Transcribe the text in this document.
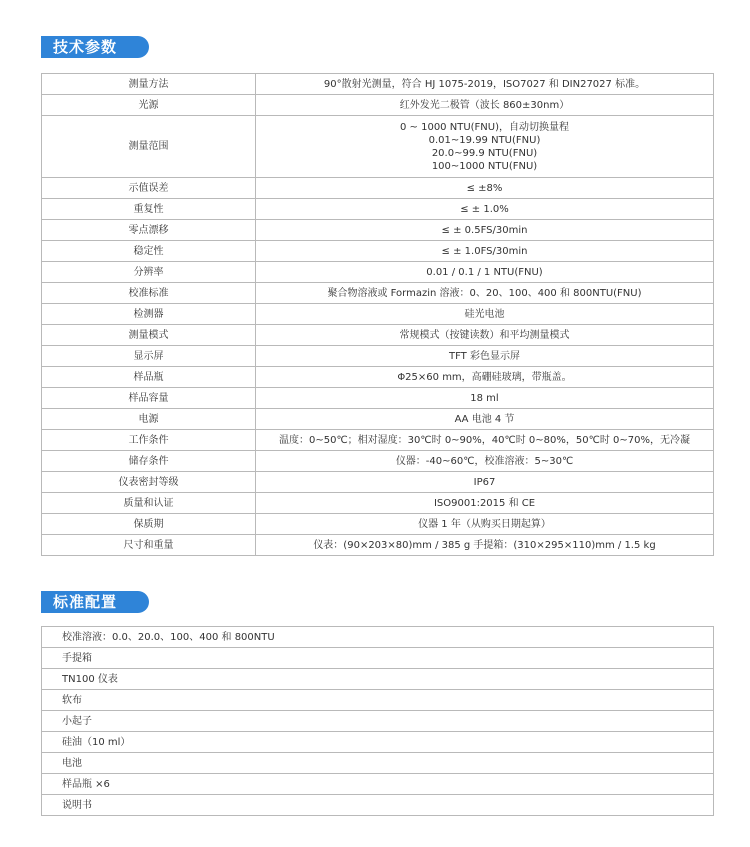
技术参数
测量方法	90°散射光测量，符合 HJ 1075-2019，ISO7027 和 DIN27027 标准。

光源	红外发光二极管（波长 860±30nm）

测量范围	0 ~ 1000 NTU(FNU)，自动切换量程
0.01~19.99 NTU(FNU)
20.0~99.9 NTU(FNU)
100~1000 NTU(FNU)

示值误差	≤ ±8%

重复性	≤ ± 1.0%

零点漂移	≤ ± 0.5FS/30min

稳定性	≤ ± 1.0FS/30min

分辨率	0.01 / 0.1 / 1 NTU(FNU)

校准标准	聚合物溶液或 Formazin 溶液：0、20、100、400 和 800NTU(FNU)

检测器	硅光电池

测量模式	常规模式（按键读数）和平均测量模式

显示屏	TFT 彩色显示屏

样品瓶	Φ25×60 mm，高硼硅玻璃，带瓶盖。

样品容量	18 ml

电源	AA 电池 4 节

工作条件	温度：0~50℃；相对湿度：30℃时 0~90%，40℃时 0~80%，50℃时 0~70%，无冷凝

储存条件	仪器：-40~60℃，校准溶液：5~30℃

仪表密封等级	IP67

质量和认证	ISO9001:2015 和 CE

保质期	仪器 1 年（从购买日期起算）

尺寸和重量	仪表：(90×203×80)mm / 385 g 手提箱：(310×295×110)mm / 1.5 kg
标准配置
校准溶液：0.0、20.0、100、400 和 800NTU
手提箱
TN100 仪表
软布
小起子
硅油（10 ml）
电池
样品瓶 ×6
说明书
